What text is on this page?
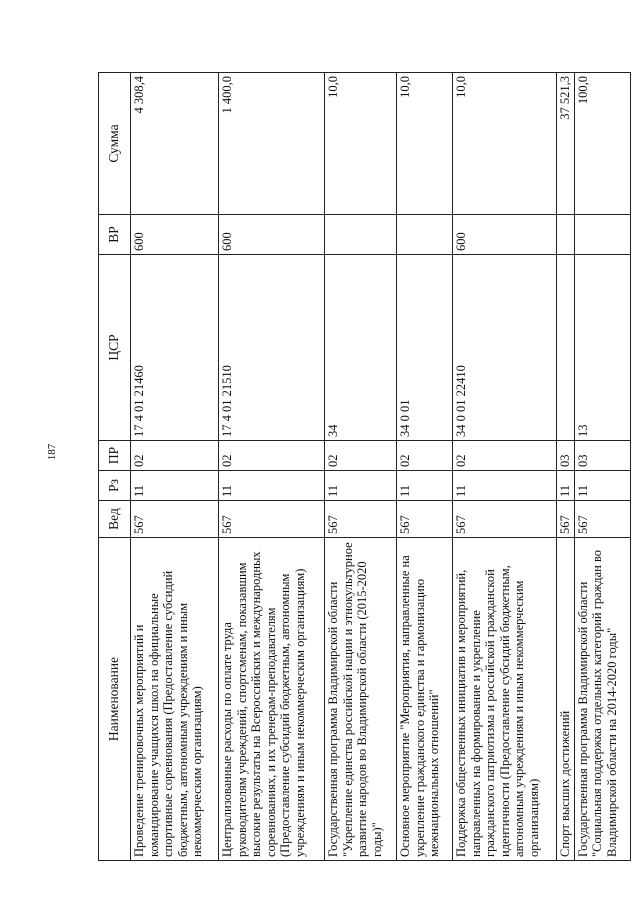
187
Наименование	Вед	Рз	ПР	ЦСР	ВР	Сумма
Проведение тренировочных мероприятий и командирование учащихся школ на официальные спортивные соревнования (Предоставление субсидий бюджетным, автономным учреждениям и иным некоммерческим организациям)	567	11	02	17 4 01 21460	600	4 308,4
Централизованные расходы по оплате труда руководителям учреждений, спортсменам, показавшим высокие результаты на Всероссийских и международных соревнованиях, и их тренерам-преподавателям (Предоставление субсидий бюджетным, автономным учреждениям и иным некоммерческим организациям)	567	11	02	17 4 01 21510	600	1 400,0
Государственная программа Владимирской области "Укрепление единства российской нации и этнокультурное развитие народов во Владимирской области (2015-2020 годы)"	567	11	02	34		10,0
Основное мероприятие "Мероприятия, направленные на укрепление гражданского единства и гармонизацию межнациональных отношений"	567	11	02	34 0 01		10,0
Поддержка общественных инициатив и мероприятий, направленных на формирование и укрепление гражданского патриотизма и российской гражданской идентичности (Предоставление субсидий бюджетным, автономным учреждениям и иным некоммерческим организациям)	567	11	02	34 0 01 22410	600	10,0
Спорт высших достижений	567	11	03			37 521,3
Государственная программа Владимирской области "Социальная поддержка отдельных категорий граждан во Владимирской области на 2014-2020 годы"	567	11	03	13		100,0
